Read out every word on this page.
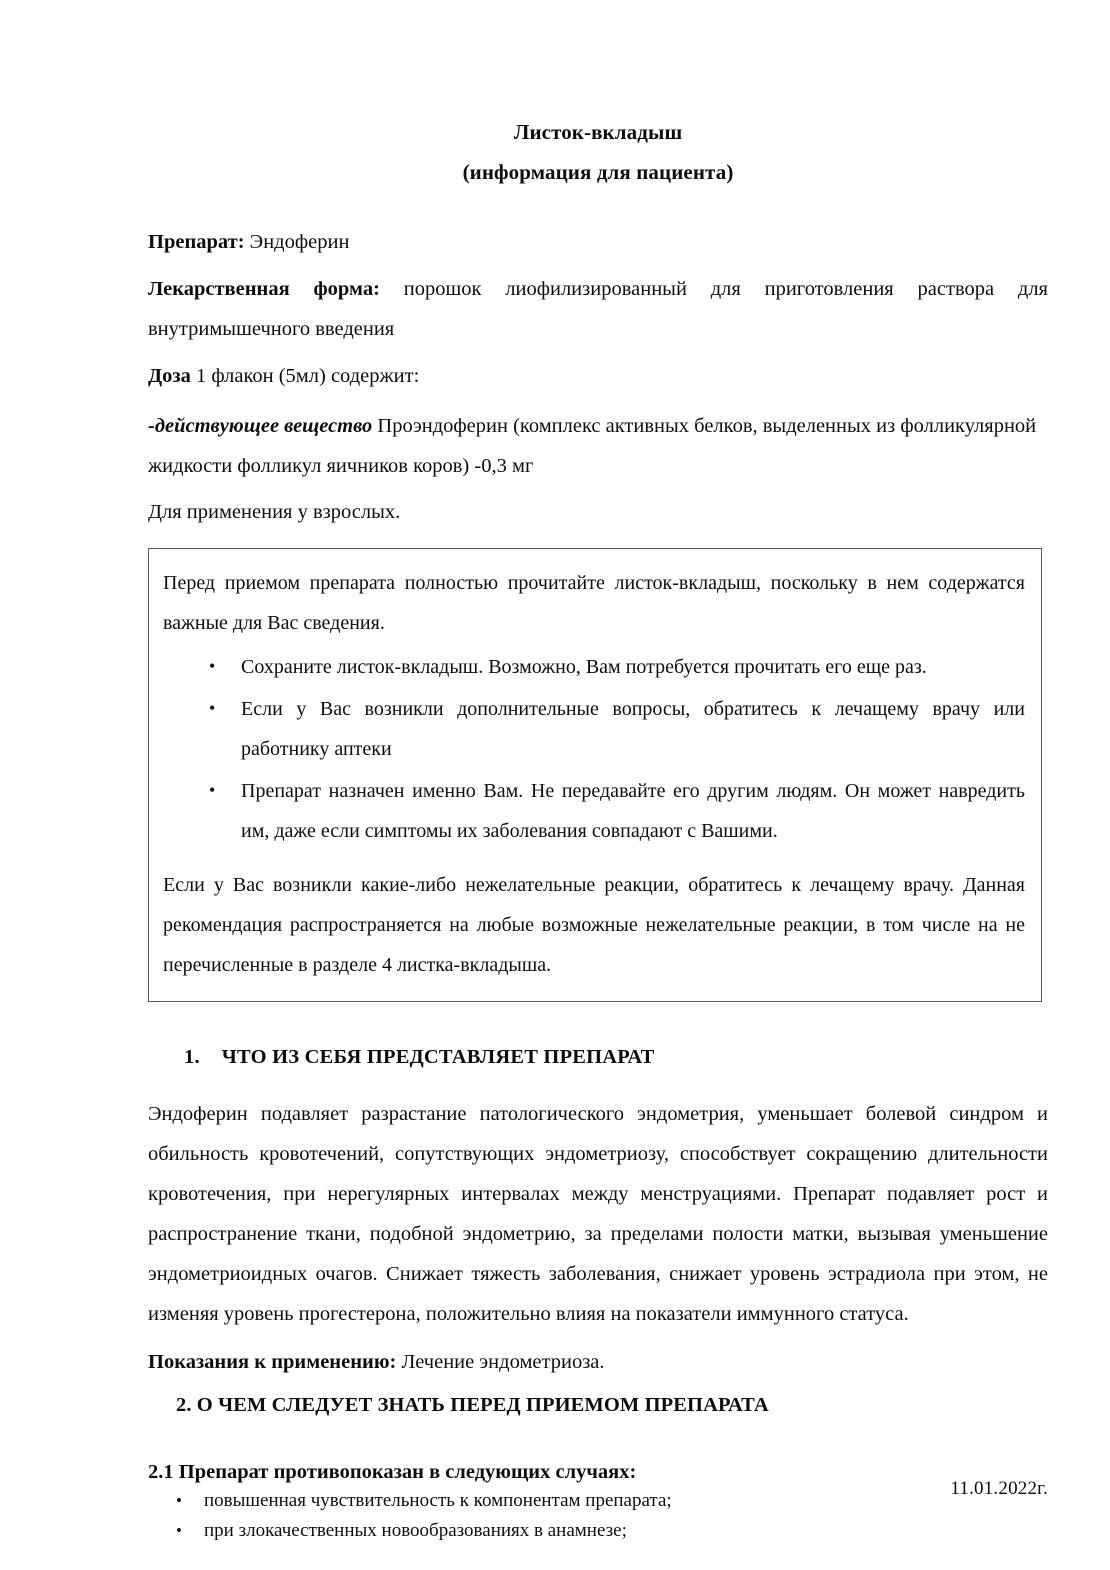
Листок-вкладыш
(информация для пациента)

Препарат: Эндоферин

Лекарственная форма: порошок лиофилизированный для приготовления раствора для внутримышечного введения

Доза 1 флакон (5мл) содержит:

-действующее вещество Проэндоферин (комплекс активных белков, выделенных из фолликулярной жидкости фолликул яичников коров) -0,3 мг

Для применения у взрослых.

Перед приемом препарата полностью прочитайте листок-вкладыш, поскольку в нем содержатся важные для Вас сведения.

• Сохраните листок-вкладыш. Возможно, Вам потребуется прочитать его еще раз.
• Если у Вас возникли дополнительные вопросы, обратитесь к лечащему врачу или работнику аптеки
• Препарат назначен именно Вам. Не передавайте его другим людям. Он может навредить им, даже если симптомы их заболевания совпадают с Вашими.

Если у Вас возникли какие-либо нежелательные реакции, обратитесь к лечащему врачу. Данная рекомендация распространяется на любые возможные нежелательные реакции, в том числе на не перечисленные в разделе 4 листка-вкладыша.

1. ЧТО ИЗ СЕБЯ ПРЕДСТАВЛЯЕТ ПРЕПАРАТ

Эндоферин подавляет разрастание патологического эндометрия, уменьшает болевой синдром и обильность кровотечений, сопутствующих эндометриозу, способствует сокращению длительности кровотечения, при нерегулярных интервалах между менструациями. Препарат подавляет рост и распространение ткани, подобной эндометрию, за пределами полости матки, вызывая уменьшение эндометриоидных очагов. Снижает тяжесть заболевания, снижает уровень эстрадиола при этом, не изменяя уровень прогестерона, положительно влияя на показатели иммунного статуса.

Показания к применению: Лечение эндометриоза.

2. О ЧЕМ СЛЕДУЕТ ЗНАТЬ ПЕРЕД ПРИЕМОМ ПРЕПАРАТА
2.1 Препарат противопоказан в следующих случаях:
• повышенная чувствительность к компонентам препарата;
• при злокачественных новообразованиях в анамнезе;
11.01.2022г.
